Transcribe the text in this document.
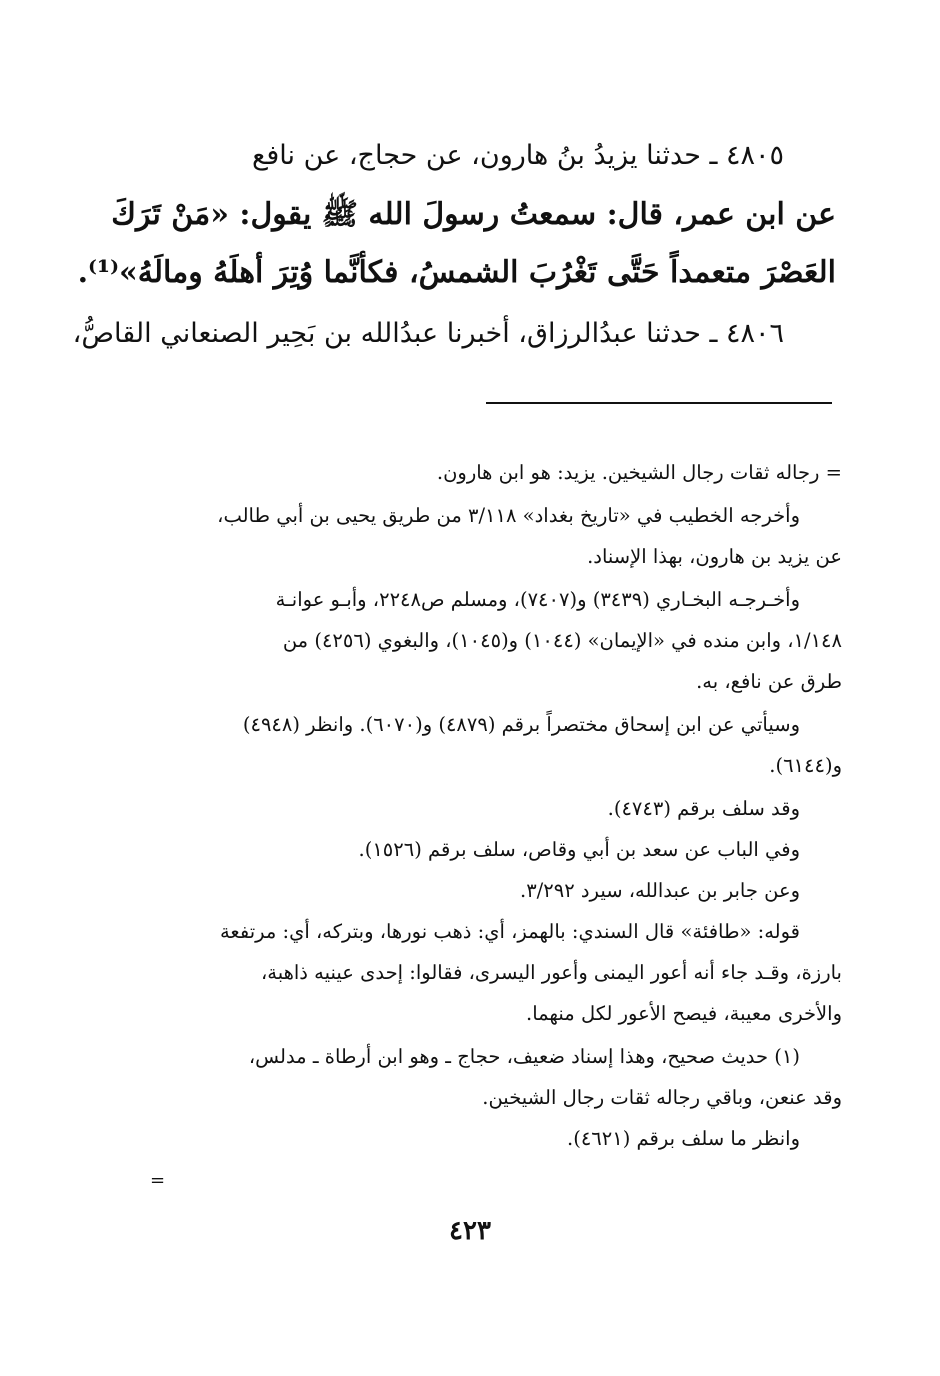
٤٨٠٥ ـ حدثنا يزيدُ بنُ هارون، عن حجاج، عن نافع

عن ابن عمر، قال: سمعتُ رسولَ الله ﷺ يقول: «مَنْ تَرَكَ

العَصْرَ متعمداً حَتَّى تَغْرُبَ الشمسُ، فكأنَّما وُتِرَ أهلَهُ ومالَهُ»⁽¹⁾.

٤٨٠٦ ـ حدثنا عبدُالرزاق، أخبرنا عبدُالله بن بَحِير الصنعاني القاصُّ،

= رجاله ثقات رجال الشيخين. يزيد: هو ابن هارون.

وأخرجه الخطيب في «تاريخ بغداد» ٣/١١٨ من طريق يحيى بن أبي طالب،

عن يزيد بن هارون، بهذا الإسناد.

وأخـرجـه البخـاري (٣٤٣٩) و(٧٤٠٧)، ومسلم ص٢٢٤٨، وأبـو عوانـة

١/١٤٨، وابن منده في «الإيمان» (١٠٤٤) و(١٠٤٥)، والبغوي (٤٢٥٦) من

طرق عن نافع، به.

وسيأتي عن ابن إسحاق مختصراً برقم (٤٨٧٩) و(٦٠٧٠). وانظر (٤٩٤٨)

و(٦١٤٤).

وقد سلف برقم (٤٧٤٣).

وفي الباب عن سعد بن أبي وقاص، سلف برقم (١٥٢٦).

وعن جابر بن عبدالله، سيرد ٣/٢٩٢.

قوله: «طافئة» قال السندي: بالهمز، أي: ذهب نورها، وبتركه، أي: مرتفعة

بارزة، وقـد جاء أنه أعور اليمنى وأعور اليسرى، فقالوا: إحدى عينيه ذاهبة،

والأخرى معيبة، فيصح الأعور لكل منهما.

(١) حديث صحيح، وهذا إسناد ضعيف، حجاج ـ وهو ابن أرطاة ـ مدلس،

وقد عنعن، وباقي رجاله ثقات رجال الشيخين.

وانظر ما سلف برقم (٤٦٢١).

=
٤٢٣
